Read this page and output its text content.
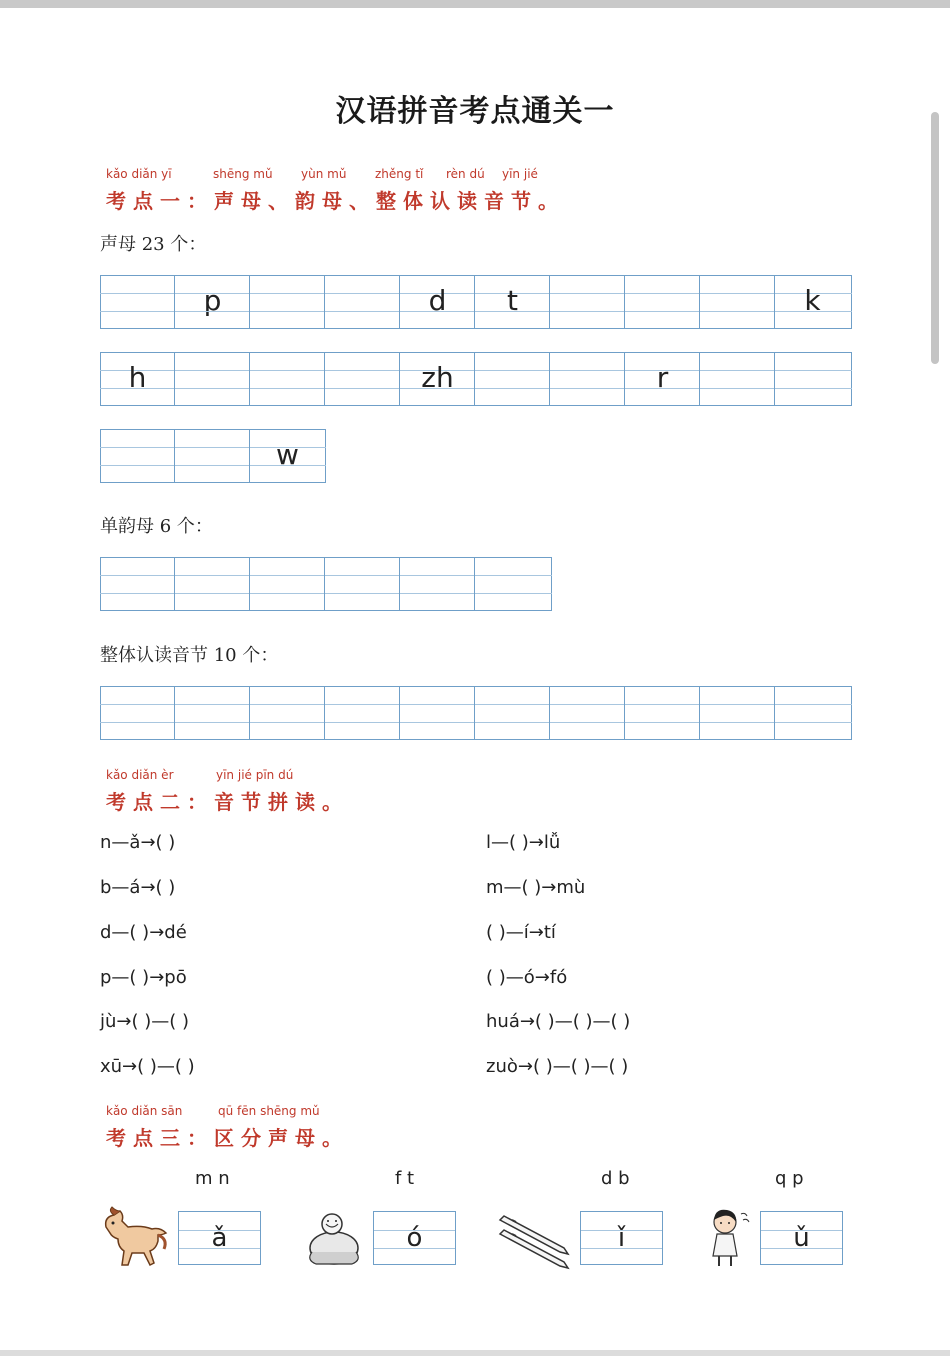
汉语拼音考点通关一
kǎo diǎn yī	shēng mǔ yùn mǔ zhěng tǐ rèn dú yīn jié
考点一：声母、韵母、整体认读音节。
声母 23 个：
p	d	t	k
h	zh	r
w
单韵母 6 个：
整体认读音节 10 个：
kǎo diǎn èr	yīn jié pīn dú
考点二：音节拼读。
n—ǎ→( )
b—á→( )
d—( )→dé
p—( )→pō
jù→( )—( )
xū→( )—( )
l—( )→lǚ
m—( )→mù
( )—í→tí
( )—ó→fó
huá→( )—( )—( )
zuò→( )—( )—( )
kǎo diǎn sān	qū fēn shēng mǔ
考点三：区分声母。
m n
ǎ
f t
ó
d b
ǐ
q p
ǔ
